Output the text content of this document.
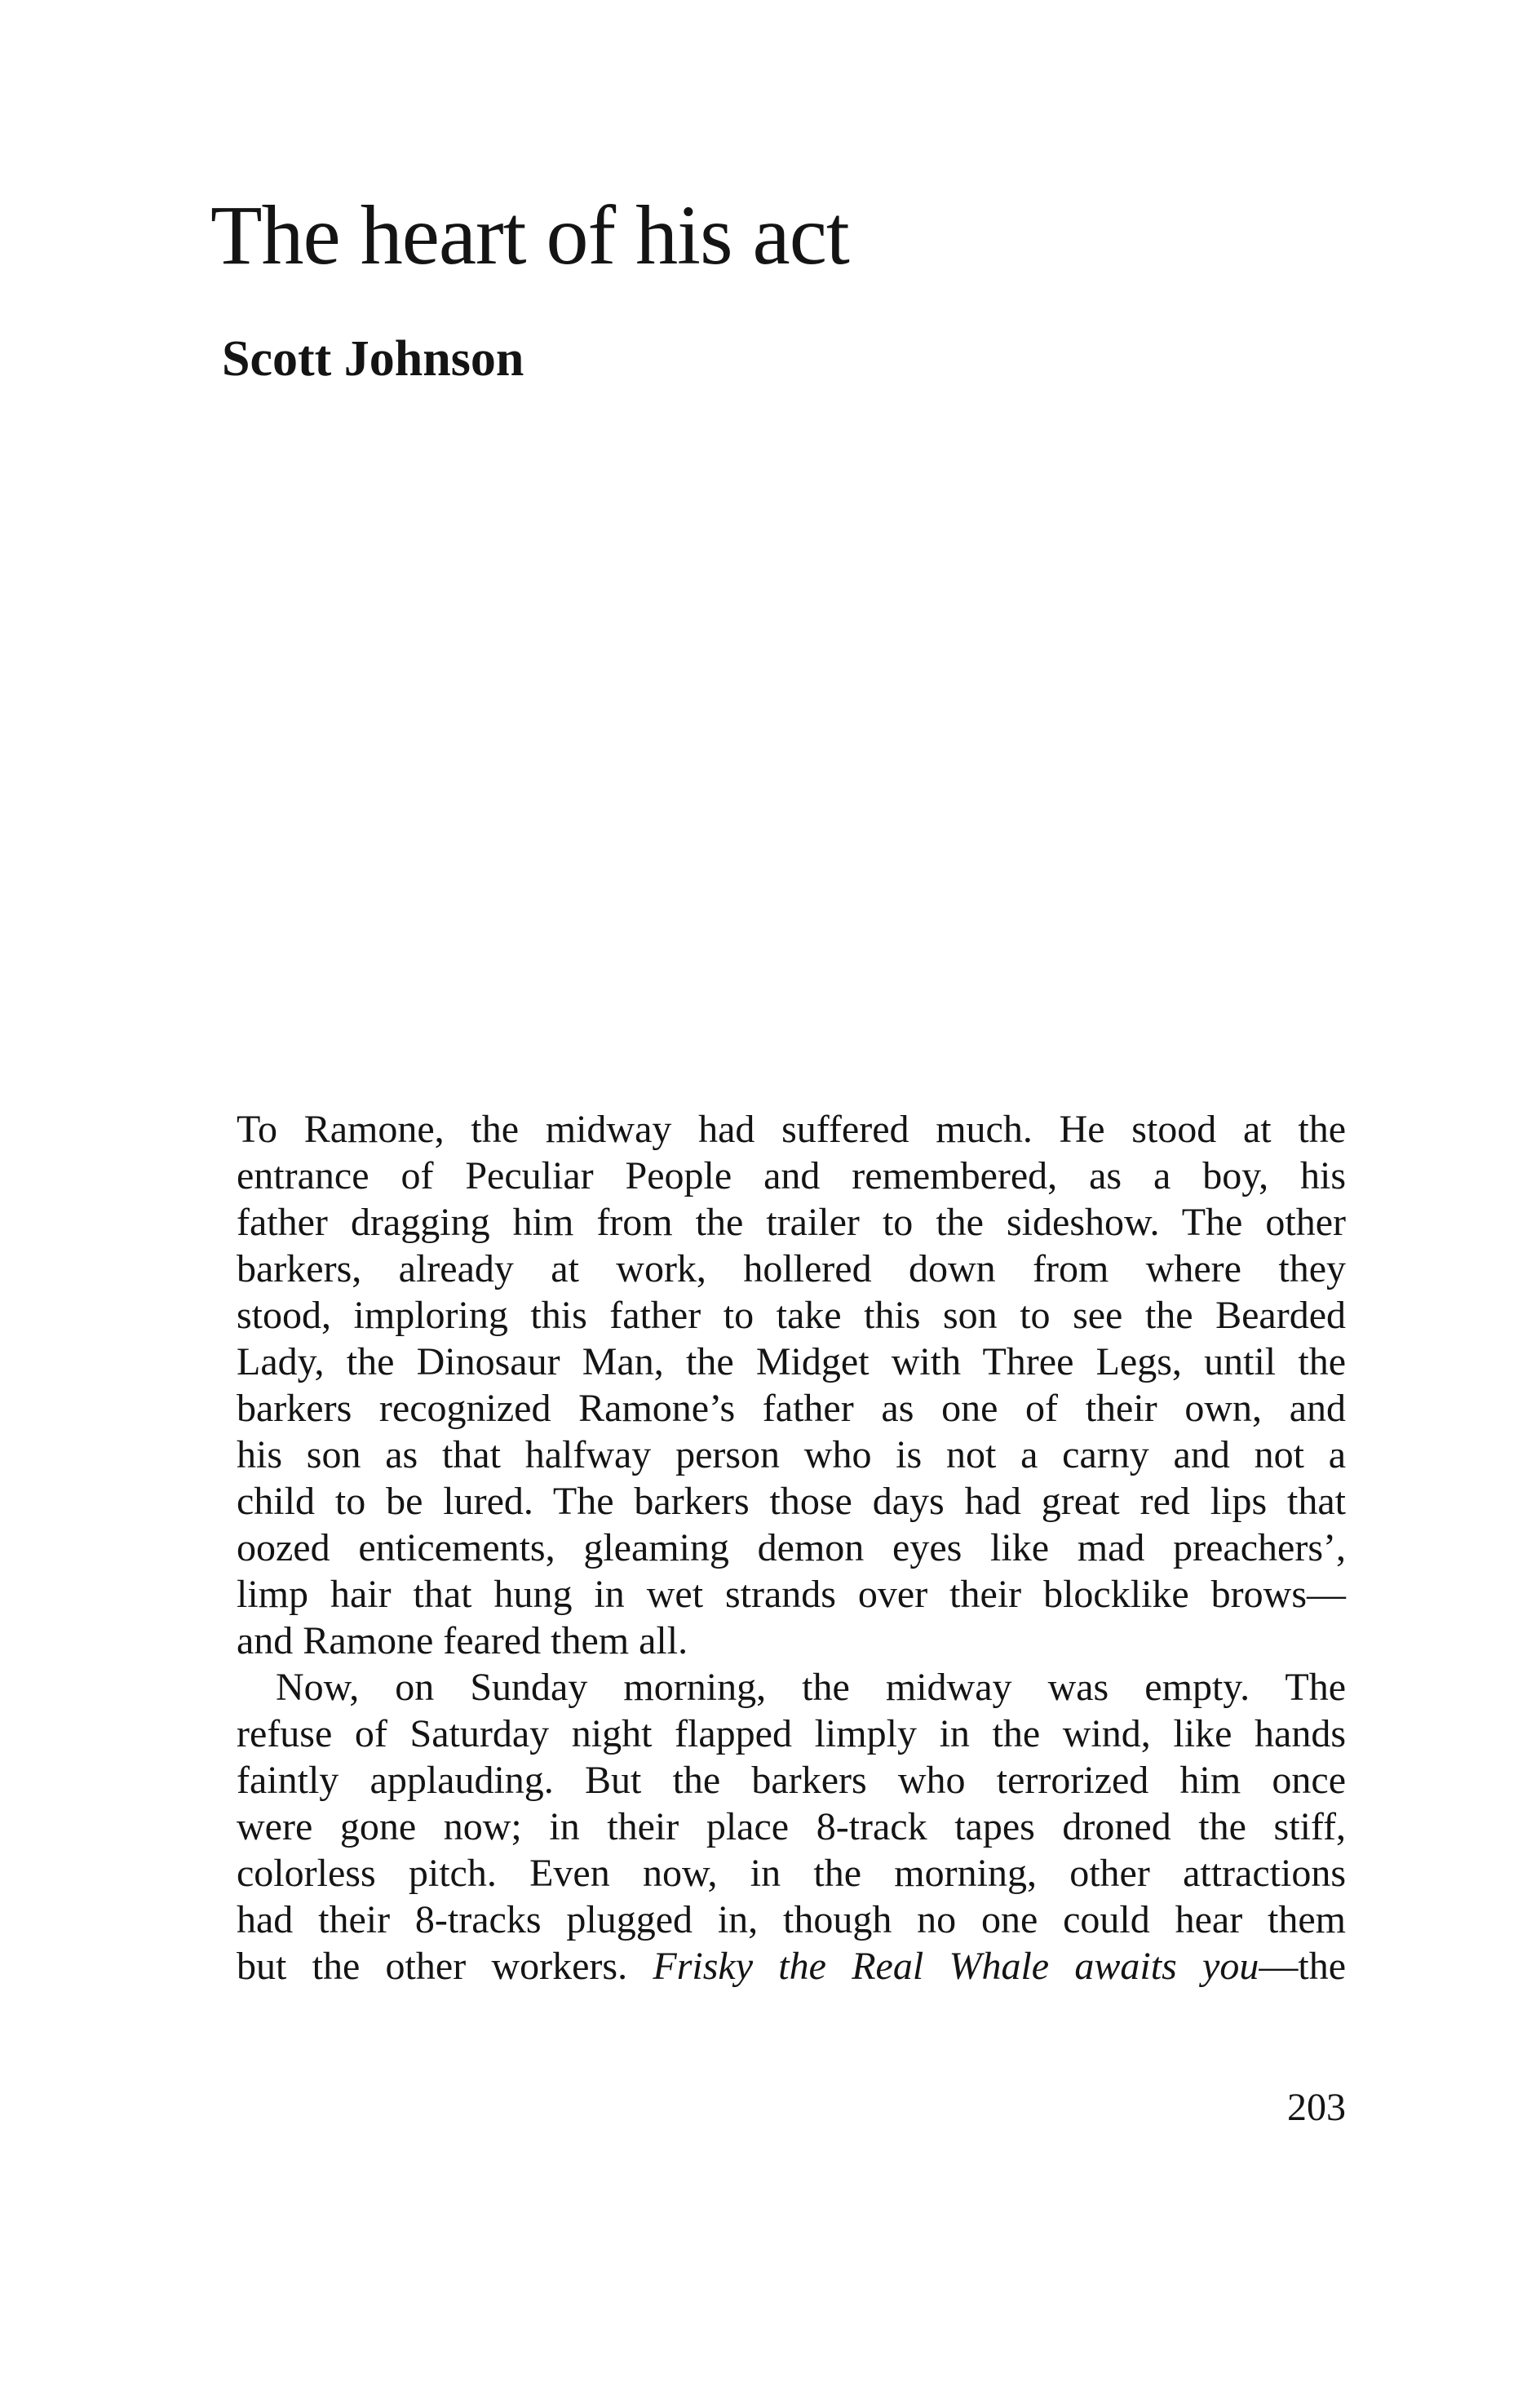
The heart of his act
Scott Johnson
To Ramone, the midway had suffered much. He stood at the
entrance of Peculiar People and remembered, as a boy, his
father dragging him from the trailer to the sideshow. The other
barkers, already at work, hollered down from where they
stood, imploring this father to take this son to see the Bearded
Lady, the Dinosaur Man, the Midget with Three Legs, until the
barkers recognized Ramone’s father as one of their own, and
his son as that halfway person who is not a carny and not a
child to be lured. The barkers those days had great red lips that
oozed enticements, gleaming demon eyes like mad preachers’,
limp hair that hung in wet strands over their blocklike brows—
and Ramone feared them all.
Now, on Sunday morning, the midway was empty. The
refuse of Saturday night flapped limply in the wind, like hands
faintly applauding. But the barkers who terrorized him once
were gone now; in their place 8-track tapes droned the stiff,
colorless pitch. Even now, in the morning, other attractions
had their 8-tracks plugged in, though no one could hear them
but the other workers. Frisky the Real Whale awaits you—the
203
